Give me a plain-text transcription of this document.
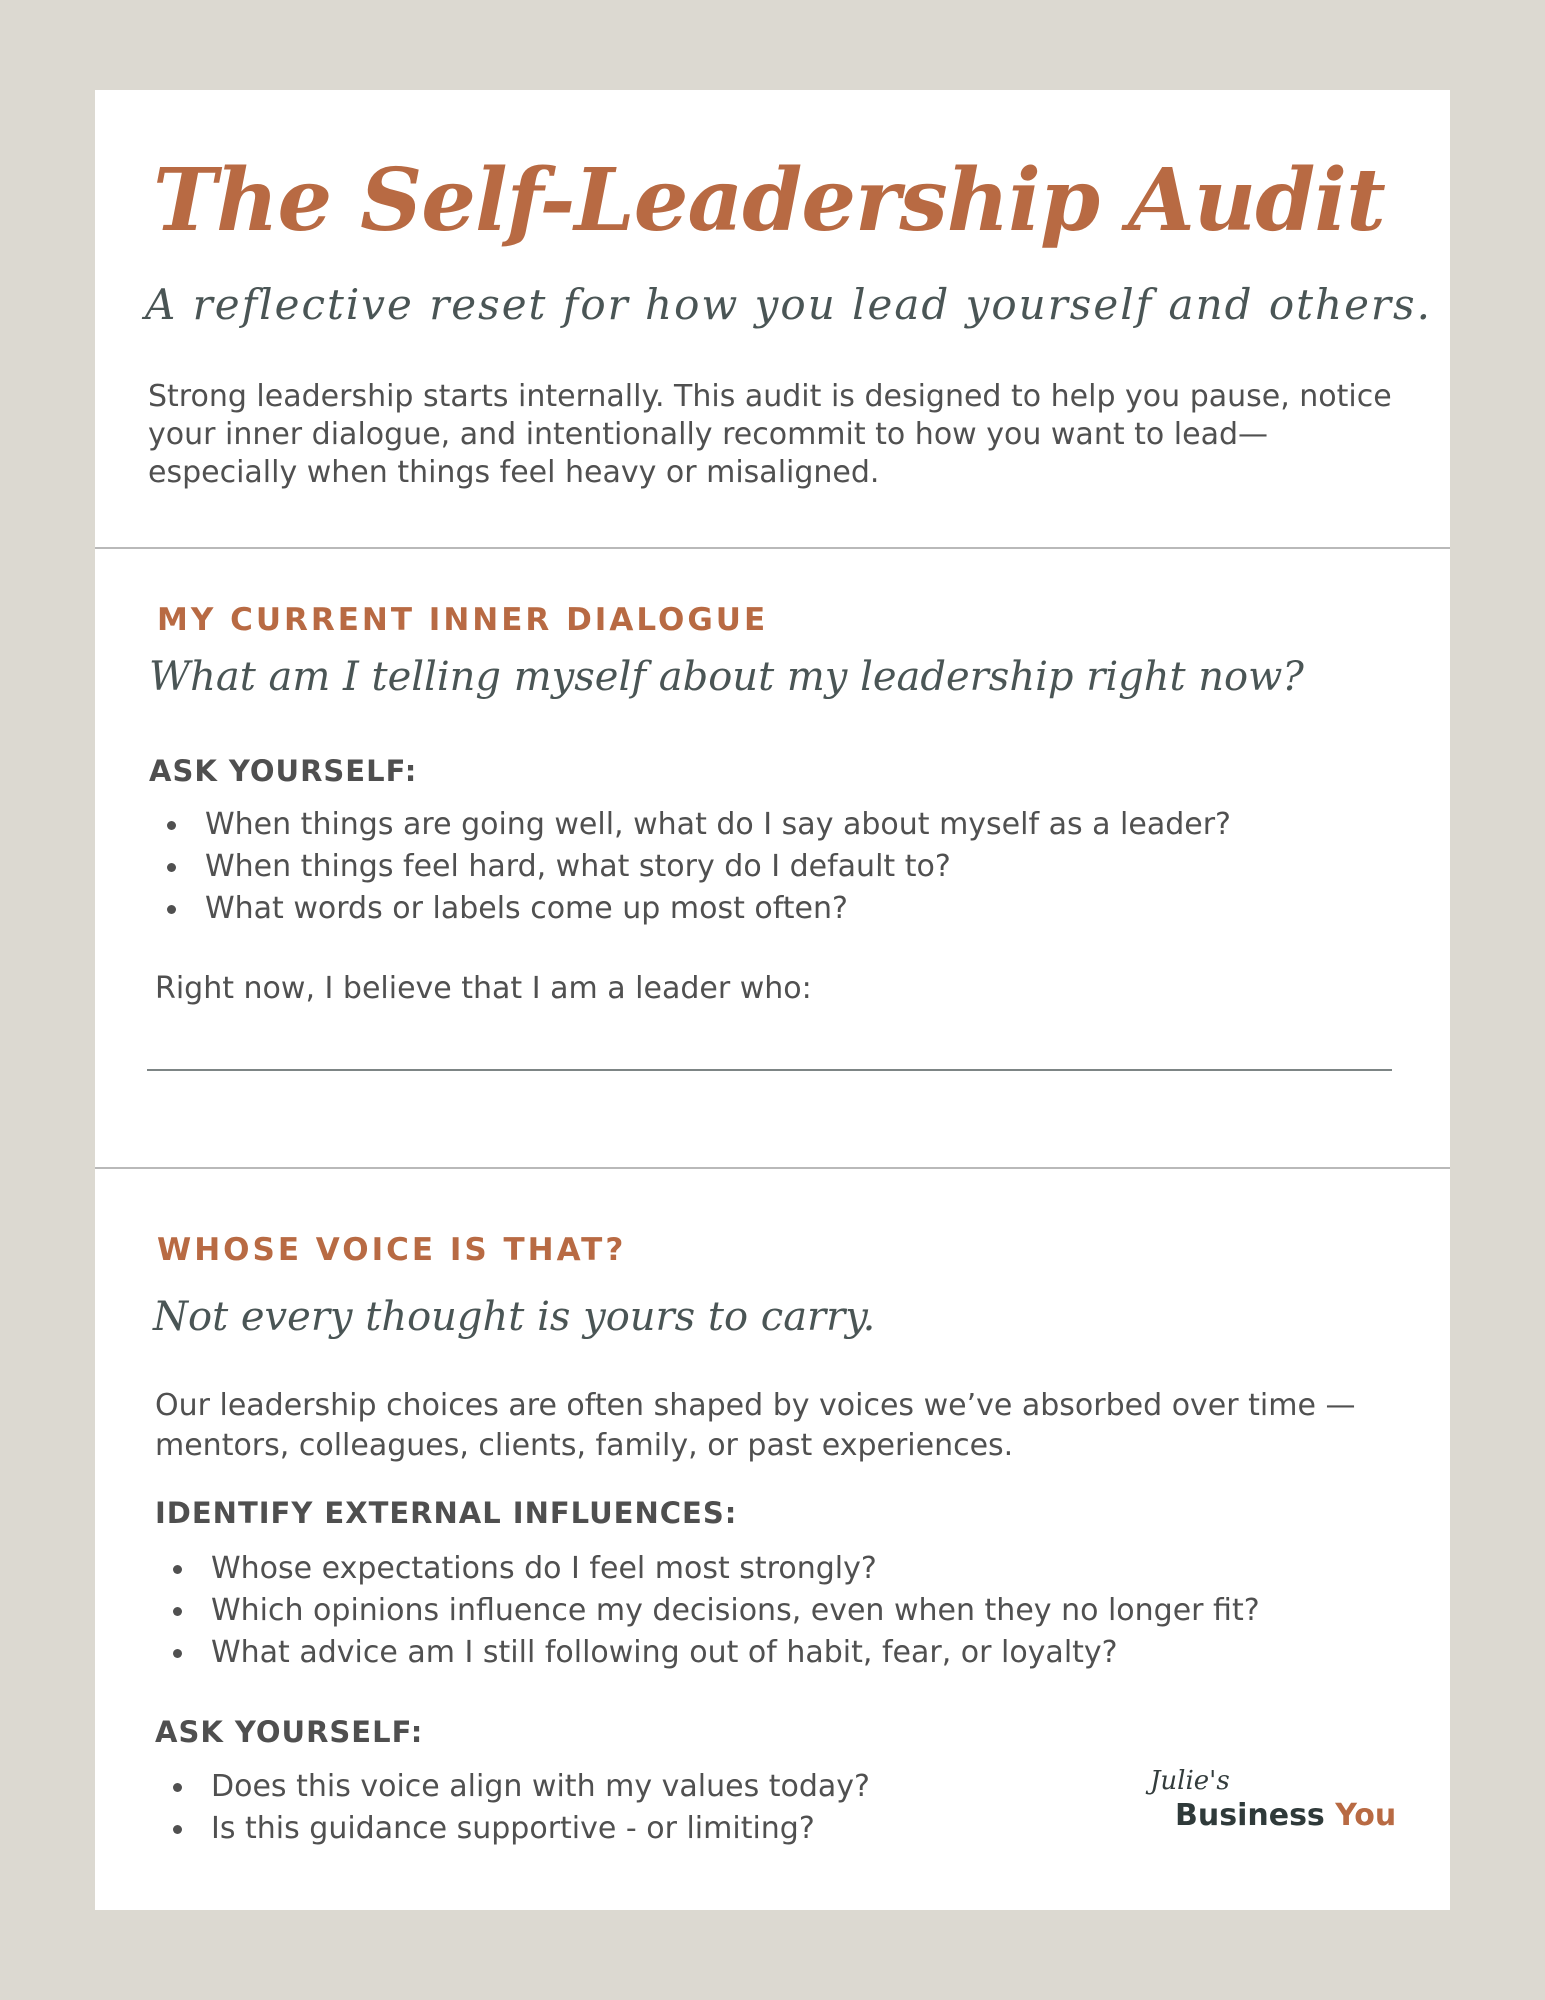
The Self-Leadership Audit
A reflective reset for how you lead yourself and others.

Strong leadership starts internally. This audit is designed to help you pause, notice your inner dialogue, and intentionally recommit to how you want to lead—especially when things feel heavy or misaligned.

MY CURRENT INNER DIALOGUE
What am I telling myself about my leadership right now?
ASK YOURSELF:
When things are going well, what do I say about myself as a leader?
When things feel hard, what story do I default to?
What words or labels come up most often?
Right now, I believe that I am a leader who:
WHOSE VOICE IS THAT?
Not every thought is yours to carry.

Our leadership choices are often shaped by voices we’ve absorbed over time —mentors, colleagues, clients, family, or past experiences.

IDENTIFY EXTERNAL INFLUENCES:
Whose expectations do I feel most strongly?
Which opinions influence my decisions, even when they no longer fit?
What advice am I still following out of habit, fear, or loyalty?
ASK YOURSELF:
Does this voice align with my values today?
Is this guidance supportive - or limiting?
Julie's
Business You
